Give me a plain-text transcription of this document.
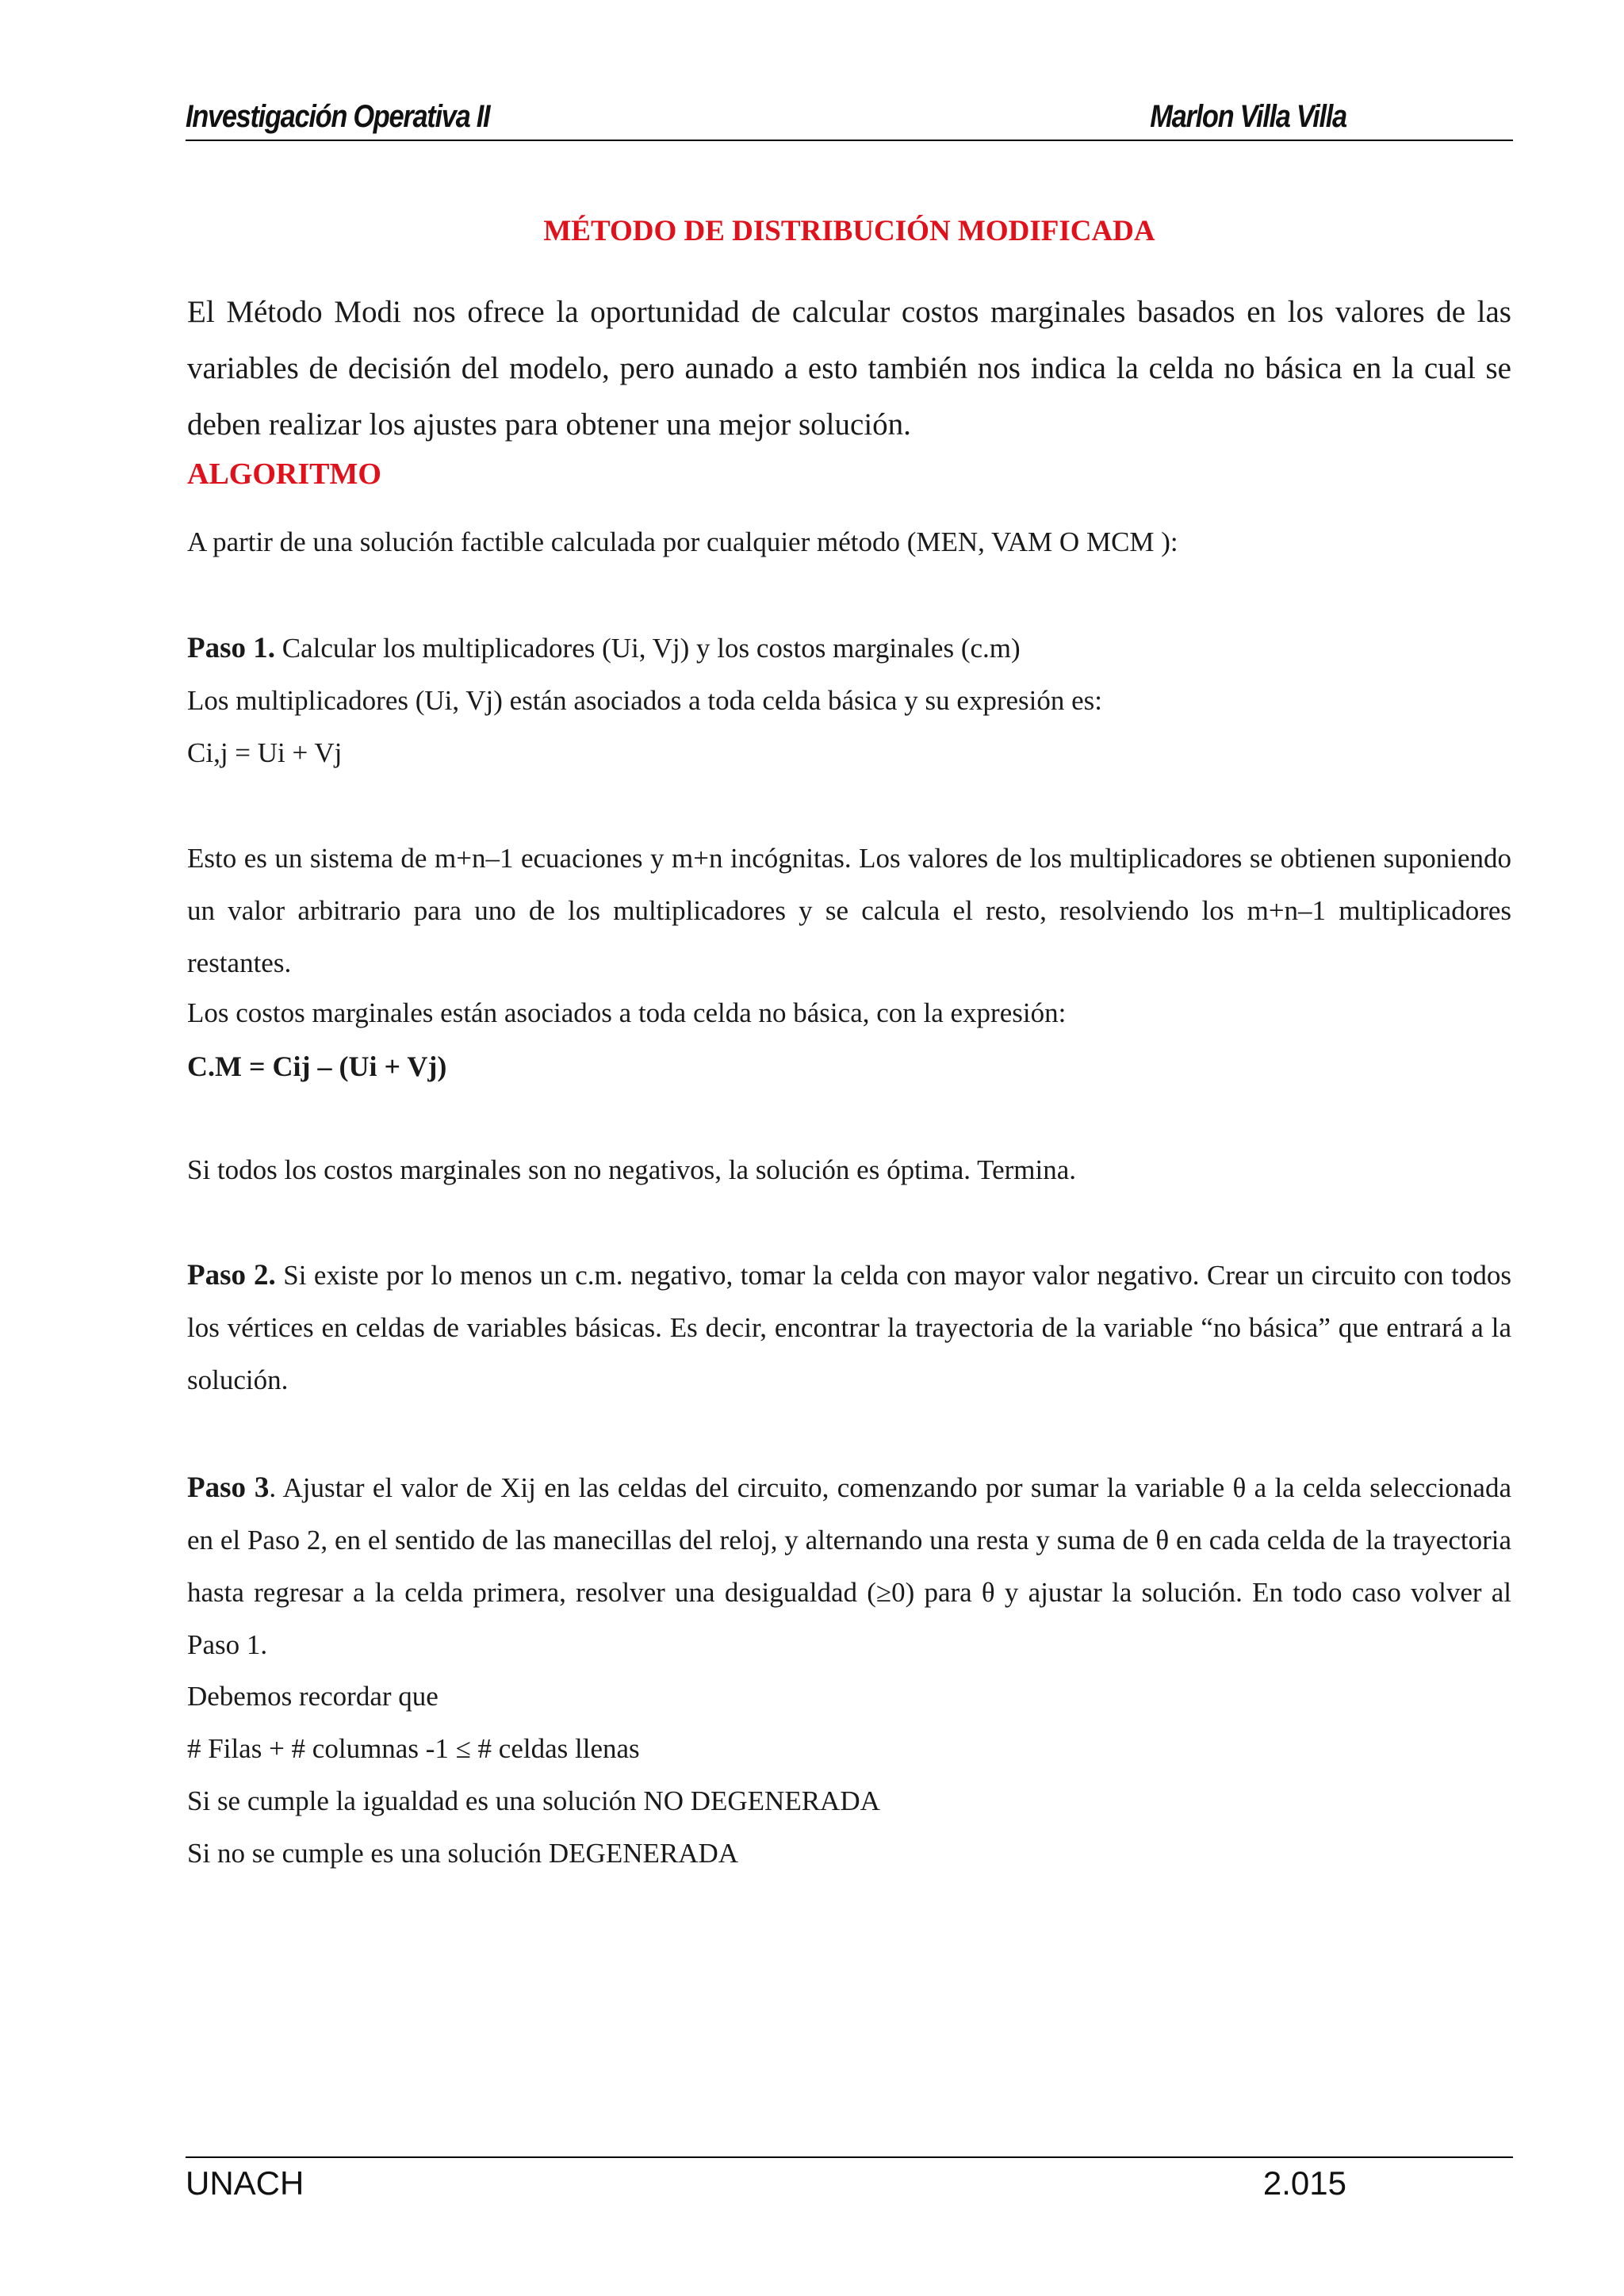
Investigación Operativa II	Marlon Villa Villa
MÉTODO DE DISTRIBUCIÓN MODIFICADA
El Método Modi nos ofrece la oportunidad de calcular costos marginales basados en los valores de las variables de decisión del modelo, pero aunado a esto también nos indica la celda no básica en la cual se deben realizar los ajustes para obtener una mejor solución.
ALGORITMO
A partir de una solución factible calculada por cualquier método (MEN, VAM O MCM ):
Paso 1. Calcular los multiplicadores (Ui, Vj) y los costos marginales (c.m)
Los multiplicadores (Ui, Vj) están asociados a toda celda básica y su expresión es:
Ci,j = Ui + Vj
Esto es un sistema de m+n–1 ecuaciones y m+n incógnitas. Los valores de los multiplicadores se obtienen suponiendo un valor arbitrario para uno de los multiplicadores y se calcula el resto, resolviendo los m+n–1 multiplicadores restantes.
Los costos marginales están asociados a toda celda no básica, con la expresión:
C.M = Cij – (Ui + Vj)
Si todos los costos marginales son no negativos, la solución es óptima. Termina.
Paso 2. Si existe por lo menos un c.m. negativo, tomar la celda con mayor valor negativo. Crear un circuito con todos los vértices en celdas de variables básicas. Es decir, encontrar la trayectoria de la variable “no básica” que entrará a la solución.
Paso 3. Ajustar el valor de Xij en las celdas del circuito, comenzando por sumar la variable θ a la celda seleccionada en el Paso 2, en el sentido de las manecillas del reloj, y alternando una resta y suma de θ en cada celda de la trayectoria hasta regresar a la celda primera, resolver una desigualdad (≥0) para θ y ajustar la solución. En todo caso volver al Paso 1.
Debemos recordar que
# Filas + # columnas -1 ≤ # celdas llenas
Si se cumple la igualdad es una solución NO DEGENERADA
Si no se cumple es una solución DEGENERADA
UNACH	2.015
